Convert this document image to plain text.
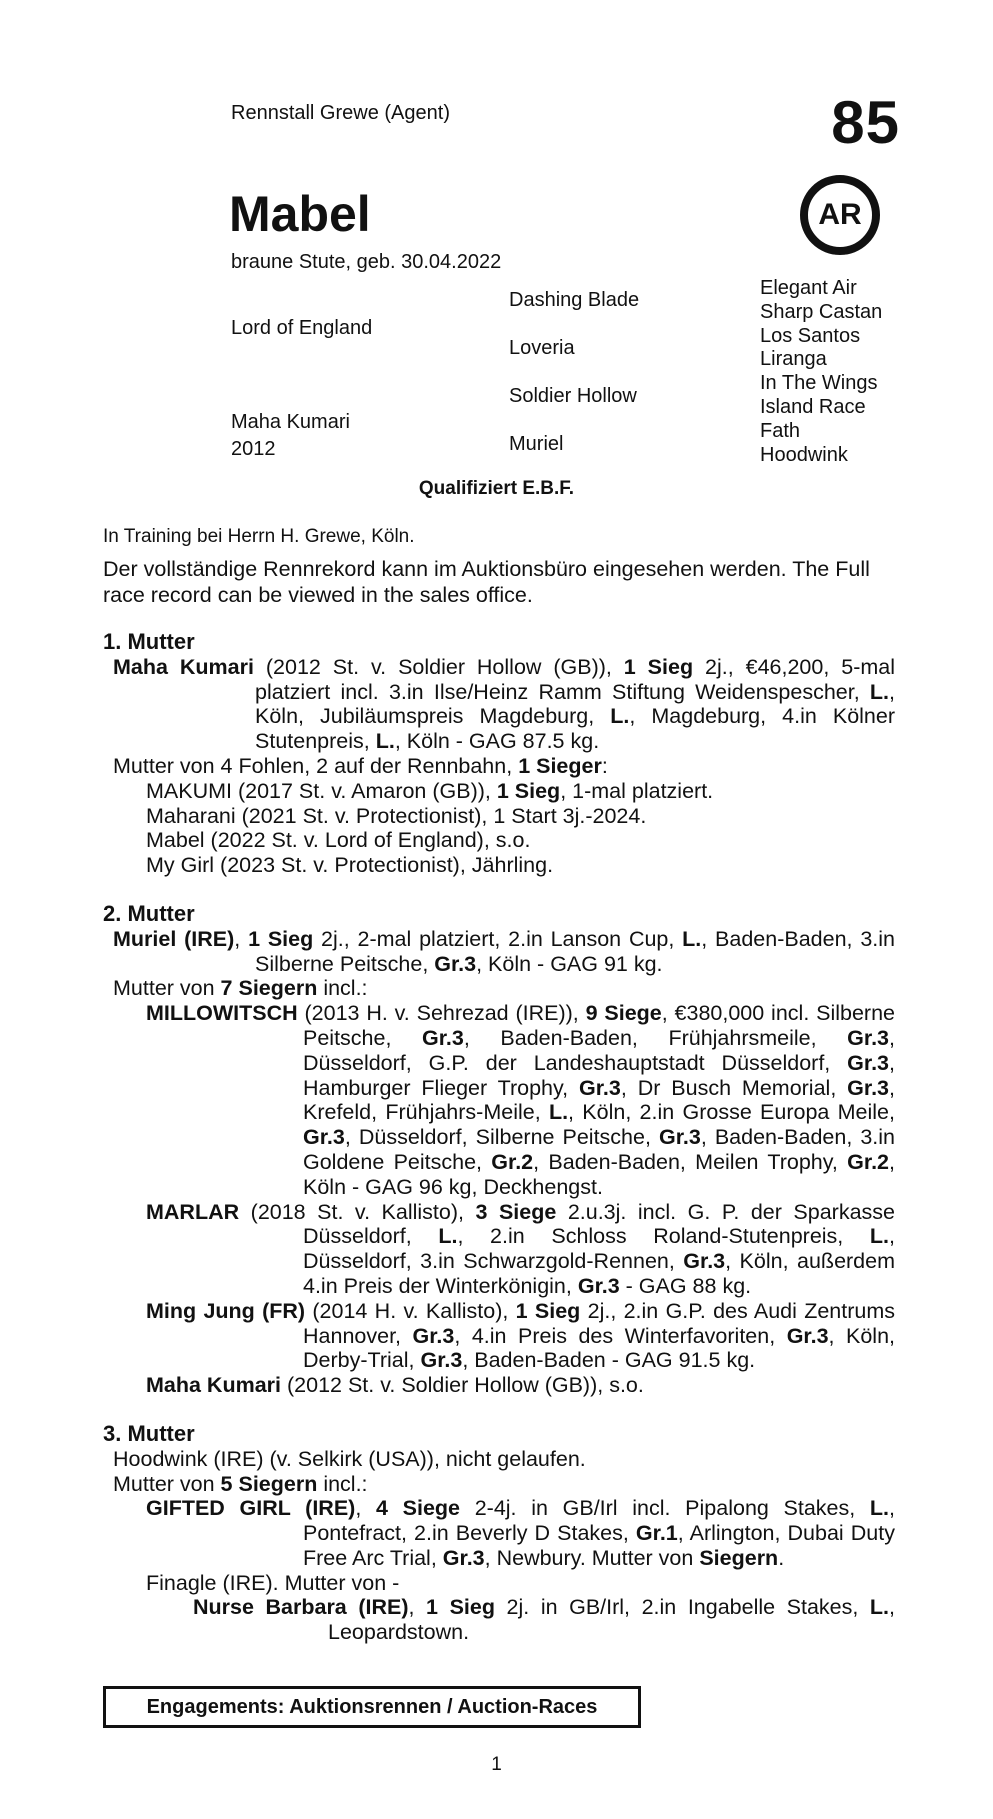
Rennstall Grewe (Agent)	85
Mabel
braune Stute, geb. 30.04.2022
AR
Lord of England
Maha Kumari
2012
Dashing Blade
Loveria
Soldier Hollow
Muriel
Elegant Air
Sharp Castan
Los Santos
Liranga
In The Wings
Island Race
Fath
Hoodwink
Qualifiziert E.B.F.
In Training bei Herrn H. Grewe, Köln.
Der vollständige Rennrekord kann im Auktionsbüro eingesehen werden. The Full race record can be viewed in the sales office.

1. Mutter

Maha Kumari (2012 St. v. Soldier Hollow (GB)), 1 Sieg 2j., €46,200, 5-mal platziert incl. 3.in Ilse/Heinz Ramm Stiftung Weidenspescher, L., Köln, Jubiläumspreis Magdeburg, L., Magdeburg, 4.in Kölner Stutenpreis, L., Köln - GAG 87.5 kg.

Mutter von 4 Fohlen, 2 auf der Rennbahn, 1 Sieger:

MAKUMI (2017 St. v. Amaron (GB)), 1 Sieg, 1-mal platziert.

Maharani (2021 St. v. Protectionist), 1 Start 3j.-2024.

Mabel (2022 St. v. Lord of England), s.o.

My Girl (2023 St. v. Protectionist), Jährling.

2. Mutter

Muriel (IRE), 1 Sieg 2j., 2-mal platziert, 2.in Lanson Cup, L., Baden-Baden, 3.in Silberne Peitsche, Gr.3, Köln - GAG 91 kg.

Mutter von 7 Siegern incl.:

MILLOWITSCH (2013 H. v. Sehrezad (IRE)), 9 Siege, €380,000 incl. Silberne Peitsche, Gr.3, Baden-Baden, Frühjahrsmeile, Gr.3, Düsseldorf, G.P. der Landeshauptstadt Düsseldorf, Gr.3, Hamburger Flieger Trophy, Gr.3, Dr Busch Memorial, Gr.3, Krefeld, Frühjahrs-Meile, L., Köln, 2.in Grosse Europa Meile, Gr.3, Düsseldorf, Silberne Peitsche, Gr.3, Baden-Baden, 3.in Goldene Peitsche, Gr.2, Baden-Baden, Meilen Trophy, Gr.2, Köln - GAG 96 kg, Deckhengst.

MARLAR (2018 St. v. Kallisto), 3 Siege 2.u.3j. incl. G. P. der Sparkasse Düsseldorf, L., 2.in Schloss Roland-Stutenpreis, L., Düsseldorf, 3.in Schwarzgold-Rennen, Gr.3, Köln, außerdem 4.in Preis der Winterkönigin, Gr.3 - GAG 88 kg.

Ming Jung (FR) (2014 H. v. Kallisto), 1 Sieg 2j., 2.in G.P. des Audi Zentrums Hannover, Gr.3, 4.in Preis des Winterfavoriten, Gr.3, Köln, Derby-Trial, Gr.3, Baden-Baden - GAG 91.5 kg.

Maha Kumari (2012 St. v. Soldier Hollow (GB)), s.o.

3. Mutter

Hoodwink (IRE) (v. Selkirk (USA)), nicht gelaufen.

Mutter von 5 Siegern incl.:

GIFTED GIRL (IRE), 4 Siege 2-4j. in GB/Irl incl. Pipalong Stakes, L., Pontefract, 2.in Beverly D Stakes, Gr.1, Arlington, Dubai Duty Free Arc Trial, Gr.3, Newbury. Mutter von Siegern.

Finagle (IRE). Mutter von -

Nurse Barbara (IRE), 1 Sieg 2j. in GB/Irl, 2.in Ingabelle Stakes, L., Leopardstown.

Engagements: Auktionsrennen / Auction-Races
1
